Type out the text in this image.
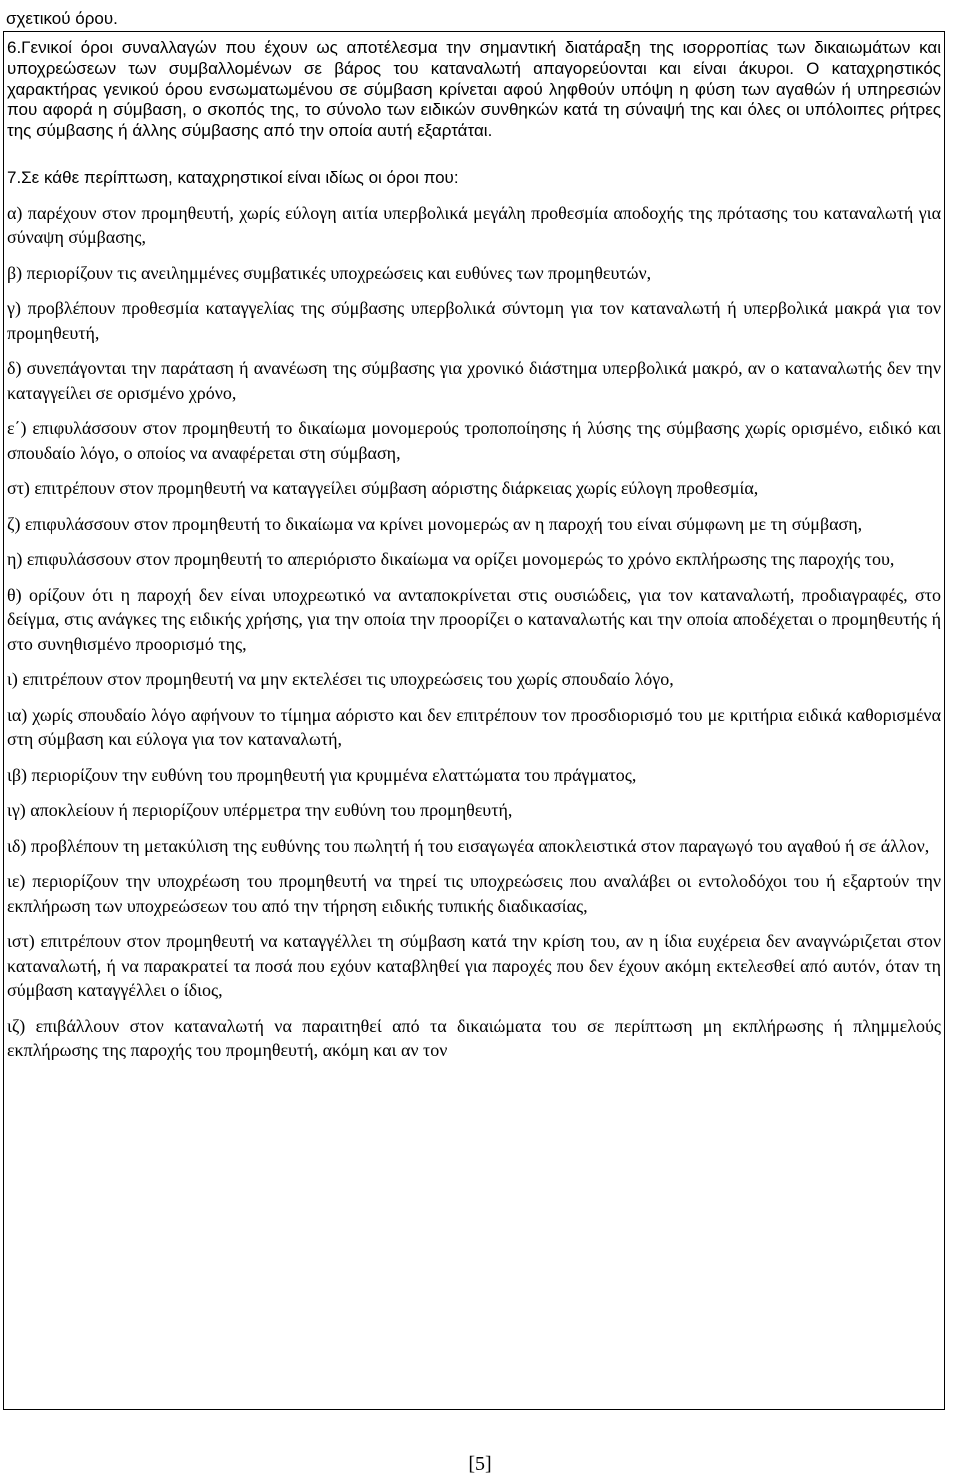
σχετικού όρου.

6.Γενικοί όροι συναλλαγών που έχουν ως αποτέλεσμα την σημαντική διατάραξη της ισορροπίας των δικαιωμάτων και υποχρεώσεων των συμβαλλομένων σε βάρος του καταναλωτή απαγορεύονται και είναι άκυροι. Ο καταχρηστικός χαρακτήρας γενικού όρου ενσωματωμένου σε σύμβαση κρίνεται αφού ληφθούν υπόψη η φύση των αγαθών ή υπηρεσιών που αφορά η σύμβαση, ο σκοπός της, το σύνολο των ειδικών συνθηκών κατά τη σύναψή της και όλες οι υπόλοιπες ρήτρες της σύμβασης ή άλλης σύμβασης από την οποία αυτή εξαρτάται.

7.Σε κάθε περίπτωση, καταχρηστικοί είναι ιδίως οι όροι που:

α) παρέχουν στον προμηθευτή, χωρίς εύλογη αιτία υπερβολικά μεγάλη προθεσμία αποδοχής της πρότασης του καταναλωτή για σύναψη σύμβασης,

β) περιορίζουν τις ανειλημμένες συμβατικές υποχρεώσεις και ευθύνες των προμηθευτών,

γ) προβλέπουν προθεσμία καταγγελίας της σύμβασης υπερβολικά σύντομη για τον καταναλωτή ή υπερβολικά μακρά για τον προμηθευτή,

δ) συνεπάγονται την παράταση ή ανανέωση της σύμβασης για χρονικό διάστημα υπερβολικά μακρό, αν ο καταναλωτής δεν την καταγγείλει σε ορισμένο χρόνο,

ε΄) επιφυλάσσουν στον προμηθευτή το δικαίωμα μονομερούς τροποποίησης ή λύσης της σύμβασης χωρίς ορισμένο, ειδικό και σπουδαίο λόγο, ο οποίος να αναφέρεται στη σύμβαση,

στ) επιτρέπουν στον προμηθευτή να καταγγείλει σύμβαση αόριστης διάρκειας χωρίς εύλογη προθεσμία,

ζ) επιφυλάσσουν στον προμηθευτή το δικαίωμα να κρίνει μονομερώς αν η παροχή του είναι σύμφωνη με τη σύμβαση,

η) επιφυλάσσουν στον προμηθευτή το απεριόριστο δικαίωμα να ορίζει μονομερώς το χρόνο εκπλήρωσης της παροχής του,

θ) ορίζουν ότι η παροχή δεν είναι υποχρεωτικό να ανταποκρίνεται στις ουσιώδεις, για τον καταναλωτή, προδιαγραφές, στο δείγμα, στις ανάγκες της ειδικής χρήσης, για την οποία την προορίζει ο καταναλωτής και την οποία αποδέχεται ο προμηθευτής ή στο συνηθισμένο προορισμό της,

ι) επιτρέπουν στον προμηθευτή να μην εκτελέσει τις υποχρεώσεις του χωρίς σπουδαίο λόγο,

ια) χωρίς σπουδαίο λόγο αφήνουν το τίμημα αόριστο και δεν επιτρέπουν τον προσδιορισμό του με κριτήρια ειδικά καθορισμένα στη σύμβαση και εύλογα για τον καταναλωτή,

ιβ) περιορίζουν την ευθύνη του προμηθευτή για κρυμμένα ελαττώματα του πράγματος,

ιγ) αποκλείουν ή περιορίζουν υπέρμετρα την ευθύνη του προμηθευτή,

ιδ) προβλέπουν τη μετακύλιση της ευθύνης του πωλητή ή του εισαγωγέα αποκλειστικά στον παραγωγό του αγαθού ή σε άλλον,

ιε) περιορίζουν την υποχρέωση του προμηθευτή να τηρεί τις υποχρεώσεις που αναλάβει οι εντολοδόχοι του ή εξαρτούν την εκπλήρωση των υποχρεώσεων του από την τήρηση ειδικής τυπικής διαδικασίας,

ιστ) επιτρέπουν στον προμηθευτή να καταγγέλλει τη σύμβαση κατά την κρίση του, αν η ίδια ευχέρεια δεν αναγνώριζεται στον καταναλωτή, ή να παρακρατεί τα ποσά που εχόυν καταβληθεί για παροχές που δεν έχουν ακόμη εκτελεσθεί από αυτόν, όταν τη σύμβαση καταγγέλλει ο ίδιος,

ιζ) επιβάλλουν στον καταναλωτή να παραιτηθεί από τα δικαιώματα του σε περίπτωση μη εκπλήρωσης ή πλημμελούς εκπλήρωσης της παροχής του προμηθευτή, ακόμη και αν τον

[5]
